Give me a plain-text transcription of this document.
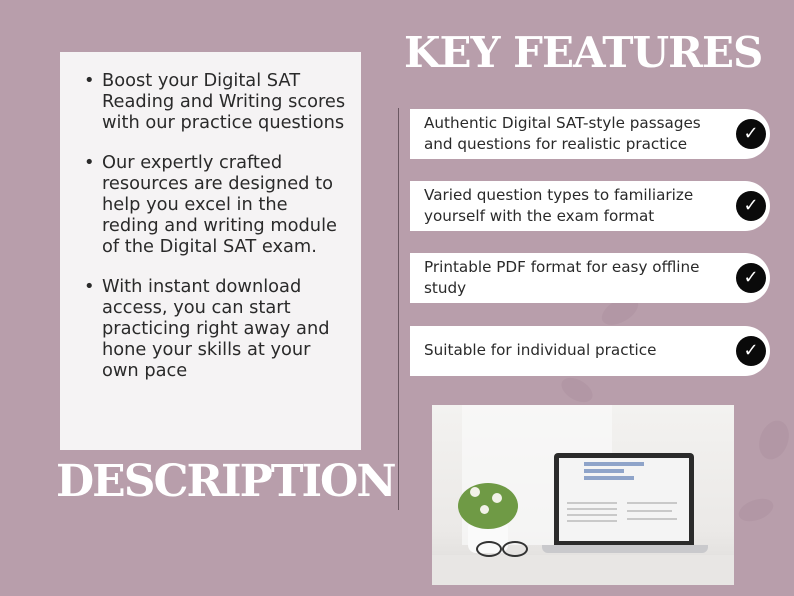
KEY FEATURES
• Boost your Digital SAT Reading and Writing scores with our practice questions
• Our expertly crafted resources are designed to help you excel in the reding and writing module of the Digital SAT exam.
• With instant download access, you can start practicing right away and hone your skills at your own pace
DESCRIPTION
Authentic Digital SAT-style passages and questions for realistic practice	✓
Varied question types to familiarize yourself with the exam format	✓
Printable PDF format for easy offline study	✓
Suitable for individual practice	✓
